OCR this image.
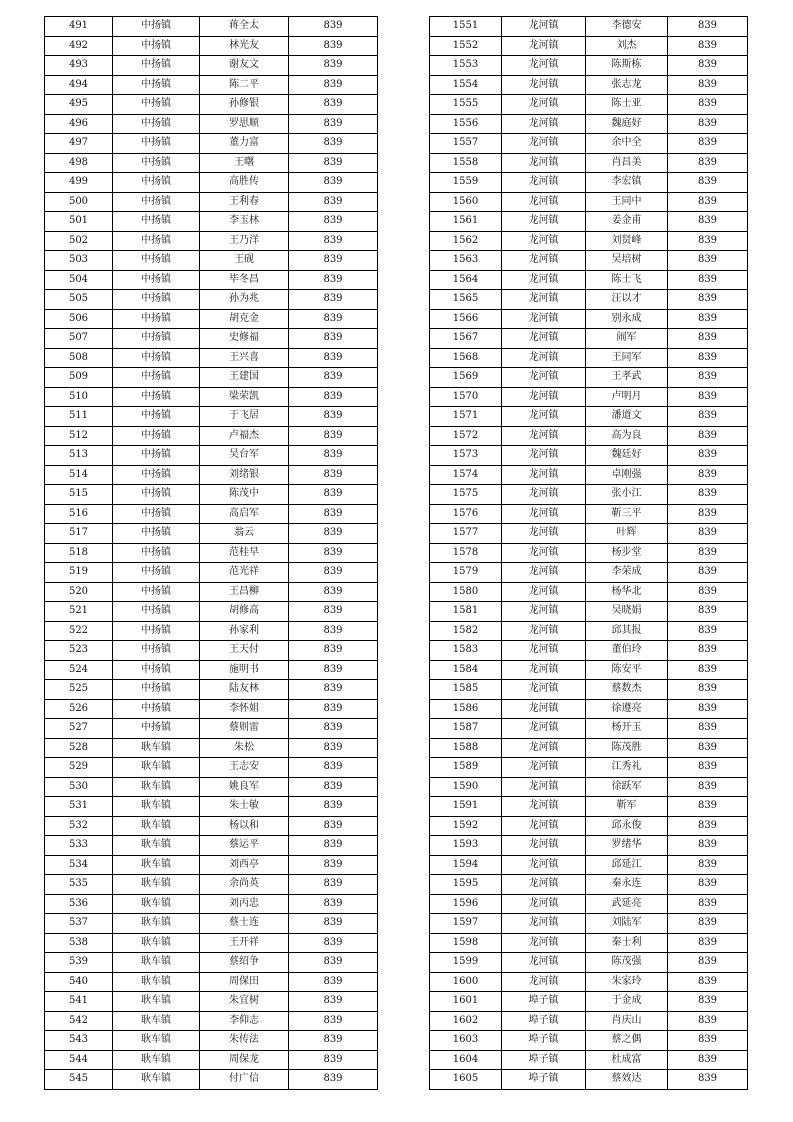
491	中扬镇	蒋全太	839
492	中扬镇	林光友	839
493	中扬镇	谢友文	839
494	中扬镇	陈二平	839
495	中扬镇	孙修银	839
496	中扬镇	罗思顺	839
497	中扬镇	董力富	839
498	中扬镇	王曙	839
499	中扬镇	高胜传	839
500	中扬镇	王利春	839
501	中扬镇	李玉林	839
502	中扬镇	王乃洋	839
503	中扬镇	王砚	839
504	中扬镇	毕冬昌	839
505	中扬镇	孙为兆	839
506	中扬镇	胡克金	839
507	中扬镇	史修福	839
508	中扬镇	王兴喜	839
509	中扬镇	王建国	839
510	中扬镇	梁荣凯	839
511	中扬镇	于飞居	839
512	中扬镇	卢福杰	839
513	中扬镇	吴台军	839
514	中扬镇	刘绪银	839
515	中扬镇	陈茂中	839
516	中扬镇	高启军	839
517	中扬镇	翁云	839
518	中扬镇	范桂早	839
519	中扬镇	范光祥	839
520	中扬镇	王昌柳	839
521	中扬镇	胡修高	839
522	中扬镇	孙家利	839
523	中扬镇	王天付	839
524	中扬镇	施明书	839
525	中扬镇	陆友林	839
526	中扬镇	李怀姐	839
527	中扬镇	蔡则雷	839
528	耿车镇	朱松	839
529	耿车镇	王志安	839
530	耿车镇	姚良军	839
531	耿车镇	朱士敏	839
532	耿车镇	杨以和	839
533	耿车镇	蔡运平	839
534	耿车镇	刘西亭	839
535	耿车镇	余尚英	839
536	耿车镇	刘丙忠	839
537	耿车镇	蔡士连	839
538	耿车镇	王开祥	839
539	耿车镇	蔡绍争	839
540	耿车镇	周保田	839
541	耿车镇	朱宜树	839
542	耿车镇	李仰志	839
543	耿车镇	朱传法	839
544	耿车镇	周保龙	839
545	耿车镇	付广信	839
1551	龙河镇	李德安	839
1552	龙河镇	刘杰	839
1553	龙河镇	陈斯栋	839
1554	龙河镇	张志龙	839
1555	龙河镇	陈士亚	839
1556	龙河镇	魏庭好	839
1557	龙河镇	余中全	839
1558	龙河镇	肖昌美	839
1559	龙河镇	李宏镇	839
1560	龙河镇	王同中	839
1561	龙河镇	姜金甫	839
1562	龙河镇	刘贤峰	839
1563	龙河镇	吴培树	839
1564	龙河镇	陈士飞	839
1565	龙河镇	汪以才	839
1566	龙河镇	别永成	839
1567	龙河镇	闹军	839
1568	龙河镇	王同军	839
1569	龙河镇	王孝武	839
1570	龙河镇	卢明月	839
1571	龙河镇	潘道文	839
1572	龙河镇	高为良	839
1573	龙河镇	魏廷好	839
1574	龙河镇	卓刚强	839
1575	龙河镇	张小江	839
1576	龙河镇	靳三平	839
1577	龙河镇	叶辉	839
1578	龙河镇	杨步堂	839
1579	龙河镇	李荣成	839
1580	龙河镇	杨华北	839
1581	龙河镇	吴晓娟	839
1582	龙河镇	邱其报	839
1583	龙河镇	董伯玲	839
1584	龙河镇	陈安平	839
1585	龙河镇	蔡数杰	839
1586	龙河镇	徐遵亮	839
1587	龙河镇	杨开玉	839
1588	龙河镇	陈茂胜	839
1589	龙河镇	江秀礼	839
1590	龙河镇	徐跃军	839
1591	龙河镇	靳军	839
1592	龙河镇	邱永俊	839
1593	龙河镇	罗绪华	839
1594	龙河镇	邱延江	839
1595	龙河镇	秦永连	839
1596	龙河镇	武延亮	839
1597	龙河镇	刘陆军	839
1598	龙河镇	秦士利	839
1599	龙河镇	陈茂强	839
1600	龙河镇	朱家玲	839
1601	埠子镇	于金成	839
1602	埠子镇	肖庆山	839
1603	埠子镇	蔡之偶	839
1604	埠子镇	杜成富	839
1605	埠子镇	蔡效达	839
